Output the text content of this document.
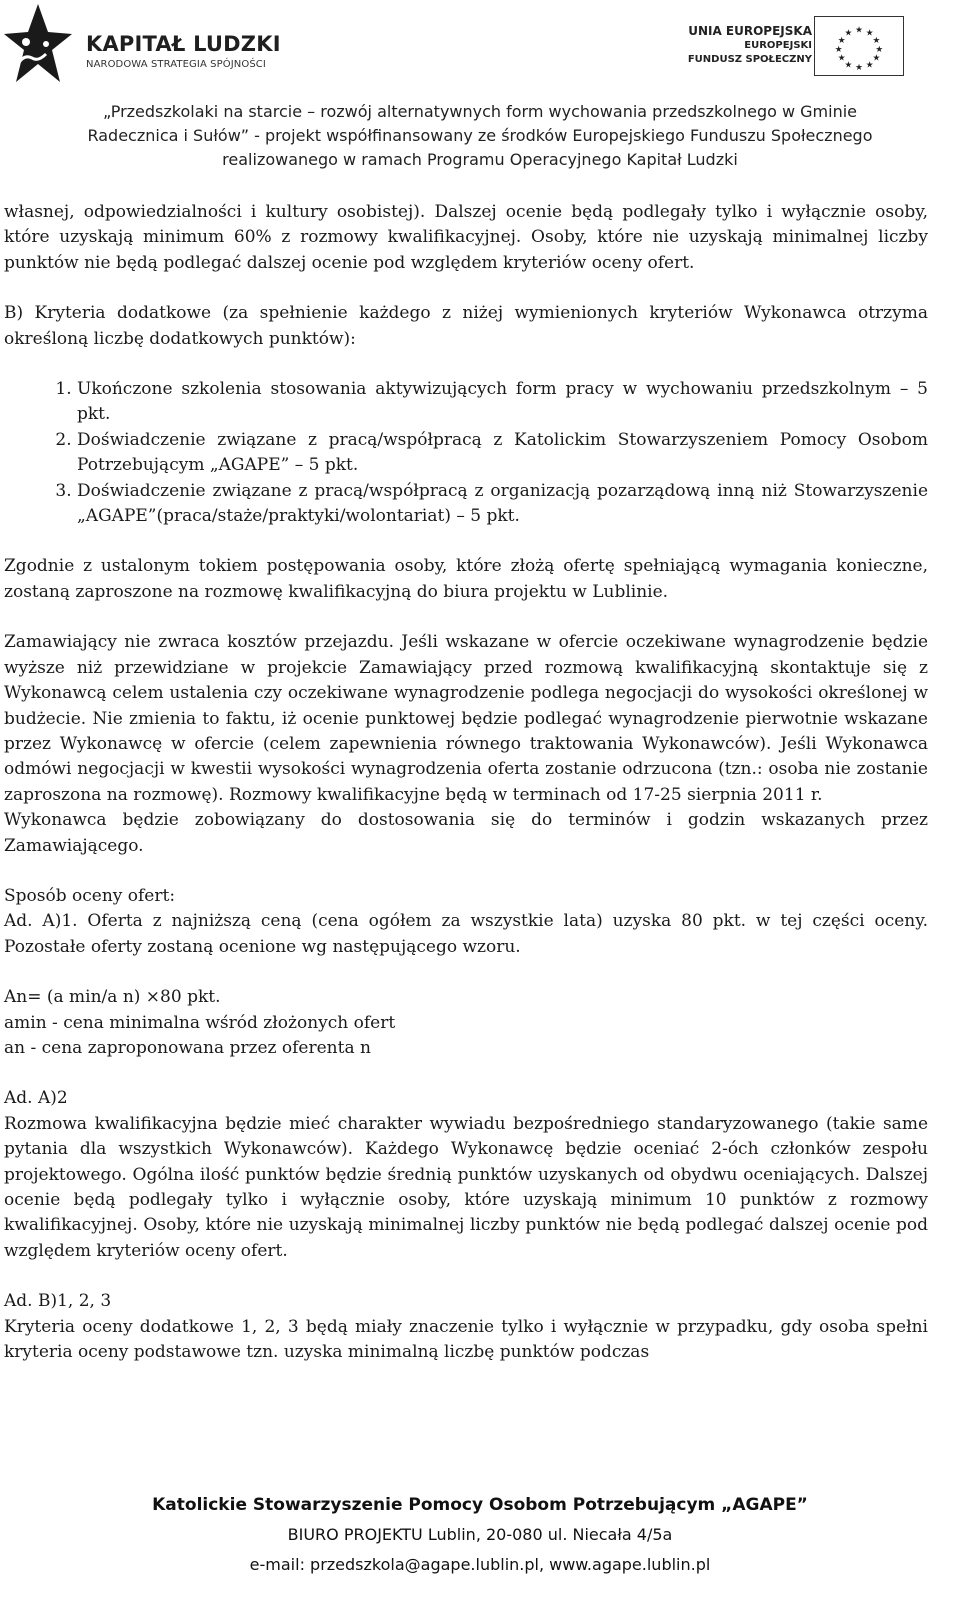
KAPITAŁ LUDZKI
NARODOWA STRATEGIA SPÓJNOŚCI
UNIA EUROPEJSKA
EUROPEJSKI
FUNDUSZ SPOŁECZNY
★ ★
★
★
★
★
★
★
★
★
★
★
„Przedszkolaki na starcie – rozwój alternatywnych form wychowania przedszkolnego w Gminie
Radecznica i Sułów” - projekt współfinansowany ze środków Europejskiego Funduszu Społecznego
realizowanego w ramach Programu Operacyjnego Kapitał Ludzki

własnej, odpowiedzialności i kultury osobistej). Dalszej ocenie będą podlegały tylko i wyłącznie osoby, które uzyskają minimum 60% z rozmowy kwalifikacyjnej. Osoby, które nie uzyskają minimalnej liczby punktów nie będą podlegać dalszej ocenie pod względem kryteriów oceny ofert.

B) Kryteria dodatkowe (za spełnienie każdego z niżej wymienionych kryteriów Wykonawca otrzyma określoną liczbę dodatkowych punktów):

1. Ukończone szkolenia stosowania aktywizujących form pracy w wychowaniu przedszkolnym – 5 pkt.
2. Doświadczenie związane z pracą/współpracą z Katolickim Stowarzyszeniem Pomocy Osobom Potrzebującym „AGAPE” – 5 pkt.
3. Doświadczenie związane z pracą/współpracą z organizacją pozarządową inną niż Stowarzyszenie „AGAPE”(praca/staże/praktyki/wolontariat) – 5 pkt.

Zgodnie z ustalonym tokiem postępowania osoby, które złożą ofertę spełniającą wymagania konieczne, zostaną zaproszone na rozmowę kwalifikacyjną do biura projektu w Lublinie.

Zamawiający nie zwraca kosztów przejazdu. Jeśli wskazane w ofercie oczekiwane wynagrodzenie będzie wyższe niż przewidziane w projekcie Zamawiający przed rozmową kwalifikacyjną skontaktuje się z Wykonawcą celem ustalenia czy oczekiwane wynagrodzenie podlega negocjacji do wysokości określonej w budżecie. Nie zmienia to faktu, iż ocenie punktowej będzie podlegać wynagrodzenie pierwotnie wskazane przez Wykonawcę w ofercie (celem zapewnienia równego traktowania Wykonawców). Jeśli Wykonawca odmówi negocjacji w kwestii wysokości wynagrodzenia oferta zostanie odrzucona (tzn.: osoba nie zostanie zaproszona na rozmowę). Rozmowy kwalifikacyjne będą w terminach od 17-25 sierpnia 2011 r.

Wykonawca będzie zobowiązany do dostosowania się do terminów i godzin wskazanych przez Zamawiającego.

Sposób oceny ofert:

Ad. A)1. Oferta z najniższą ceną (cena ogółem za wszystkie lata) uzyska 80 pkt. w tej części oceny. Pozostałe oferty zostaną ocenione wg następującego wzoru.

An= (a min/a n) ×80 pkt.

amin - cena minimalna wśród złożonych ofert

an - cena zaproponowana przez oferenta n

Ad. A)2

Rozmowa kwalifikacyjna będzie mieć charakter wywiadu bezpośredniego standaryzowanego (takie same pytania dla wszystkich Wykonawców). Każdego Wykonawcę będzie oceniać 2-óch członków zespołu projektowego. Ogólna ilość punktów będzie średnią punktów uzyskanych od obydwu oceniających. Dalszej ocenie będą podlegały tylko i wyłącznie osoby, które uzyskają minimum 10 punktów z rozmowy kwalifikacyjnej. Osoby, które nie uzyskają minimalnej liczby punktów nie będą podlegać dalszej ocenie pod względem kryteriów oceny ofert.

Ad. B)1, 2, 3

Kryteria oceny dodatkowe 1, 2, 3 będą miały znaczenie tylko i wyłącznie w przypadku, gdy osoba spełni kryteria oceny podstawowe tzn. uzyska minimalną liczbę punktów podczas

Katolickie Stowarzyszenie Pomocy Osobom Potrzebującym „AGAPE”
BIURO PROJEKTU Lublin, 20-080 ul. Niecała 4/5a
e-mail: przedszkola@agape.lublin.pl, www.agape.lublin.pl
